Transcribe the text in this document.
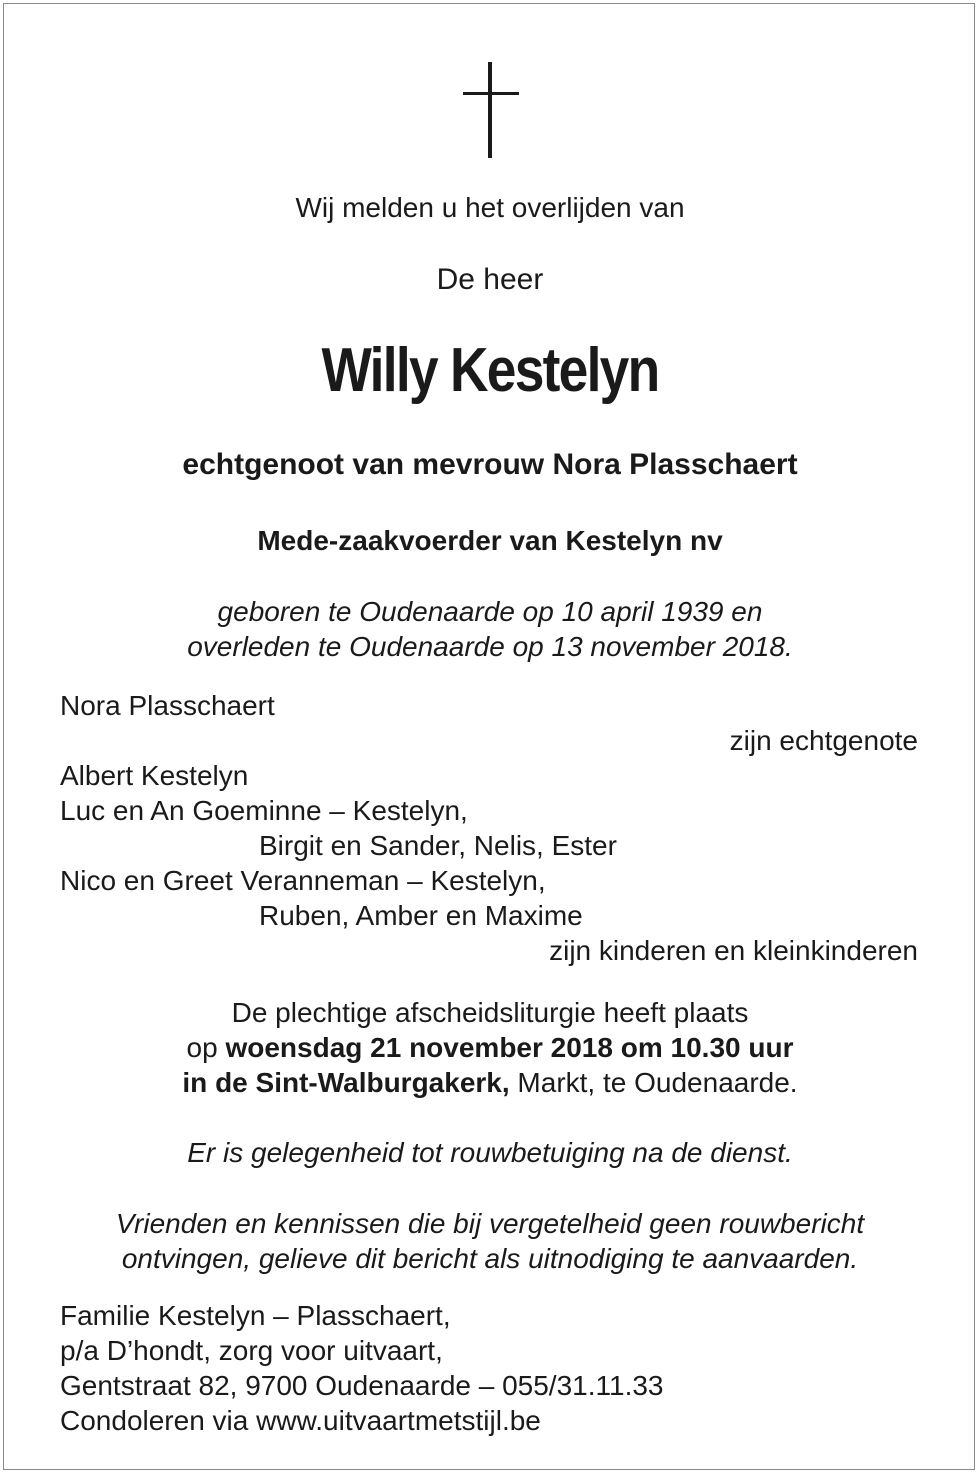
Wij melden u het overlijden van
De heer
Willy Kestelyn
echtgenoot van mevrouw Nora Plasschaert
Mede-zaakvoerder van Kestelyn nv
geboren te Oudenaarde op 10 april 1939 en
overleden te Oudenaarde op 13 november 2018.
Nora Plasschaert
zijn echtgenote
Albert Kestelyn
Luc en An Goeminne – Kestelyn,
Birgit en Sander, Nelis, Ester
Nico en Greet Veranneman – Kestelyn,
Ruben, Amber en Maxime
zijn kinderen en kleinkinderen
De plechtige afscheidsliturgie heeft plaats
op woensdag 21 november 2018 om 10.30 uur
in de Sint-Walburgakerk, Markt, te Oudenaarde.
Er is gelegenheid tot rouwbetuiging na de dienst.
Vrienden en kennissen die bij vergetelheid geen rouwbericht
ontvingen, gelieve dit bericht als uitnodiging te aanvaarden.
Familie Kestelyn – Plasschaert,
p/a D’hondt, zorg voor uitvaart,
Gentstraat 82, 9700 Oudenaarde – 055/31.11.33
Condoleren via www.uitvaartmetstijl.be
